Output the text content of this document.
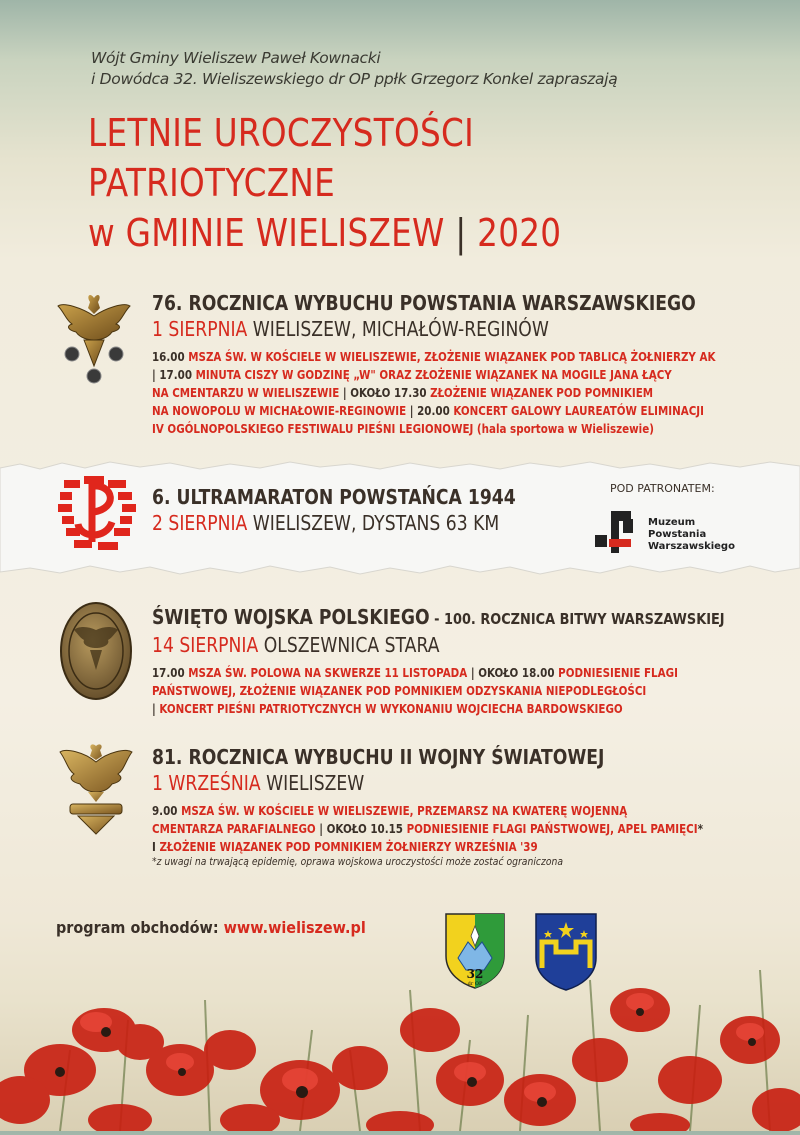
Wójt Gminy Wieliszew Paweł Kownacki
i Dowódca 32. Wieliszewskiego dr OP ppłk Grzegorz Konkel zapraszają
LETNIE UROCZYSTOŚCI
PATRIOTYCZNE
w GMINIE WIELISZEW | 2020
76. ROCZNICA WYBUCHU POWSTANIA WARSZAWSKIEGO
1 SIERPNIA WIELISZEW, MICHAŁÓW-REGINÓW
16.00 MSZA ŚW. W KOŚCIELE W WIELISZEWIE, ZŁOŻENIE WIĄZANEK POD TABLICĄ ŻOŁNIERZY AK
| 17.00 MINUTA CISZY W GODZINĘ „W" ORAZ ZŁOŻENIE WIĄZANEK NA MOGILE JANA ŁĄCY
NA CMENTARZU W WIELISZEWIE | OKOŁO 17.30 ZŁOŻENIE WIĄZANEK POD POMNIKIEM
NA NOWOPOLU W MICHAŁOWIE-REGINOWIE | 20.00 KONCERT GALOWY LAUREATÓW ELIMINACJI
IV OGÓLNOPOLSKIEGO FESTIWALU PIEŚNI LEGIONOWEJ (hala sportowa w Wieliszewie)
6. ULTRAMARATON POWSTAŃCA 1944
2 SIERPNIA WIELISZEW, DYSTANS 63 KM
POD PATRONATEM:
Muzeum
Powstania
Warszawskiego
ŚWIĘTO WOJSKA POLSKIEGO - 100. ROCZNICA BITWY WARSZAWSKIEJ
14 SIERPNIA OLSZEWNICA STARA
17.00 MSZA ŚW. POLOWA NA SKWERZE 11 LISTOPADA | OKOŁO 18.00 PODNIESIENIE FLAGI
PAŃSTWOWEJ, ZŁOŻENIE WIĄZANEK POD POMNIKIEM ODZYSKANIA NIEPODLEGŁOŚCI
| KONCERT PIEŚNI PATRIOTYCZNYCH W WYKONANIU WOJCIECHA BARDOWSKIEGO
81. ROCZNICA WYBUCHU II WOJNY ŚWIATOWEJ
1 WRZEŚNIA WIELISZEW
9.00 MSZA ŚW. W KOŚCIELE W WIELISZEWIE, PRZEMARSZ NA KWATERĘ WOJENNĄ
CMENTARZA PARAFIALNEGO | OKOŁO 10.15 PODNIESIENIE FLAGI PAŃSTWOWEJ, APEL PAMIĘCI*
I ZŁOŻENIE WIĄZANEK POD POMNIKIEM ŻOŁNIERZY WRZEŚNIA '39
*z uwagi na trwającą epidemię, oprawa wojskowa uroczystości może zostać ograniczona
program obchodów: www.wieliszew.pl
32
dr OP
